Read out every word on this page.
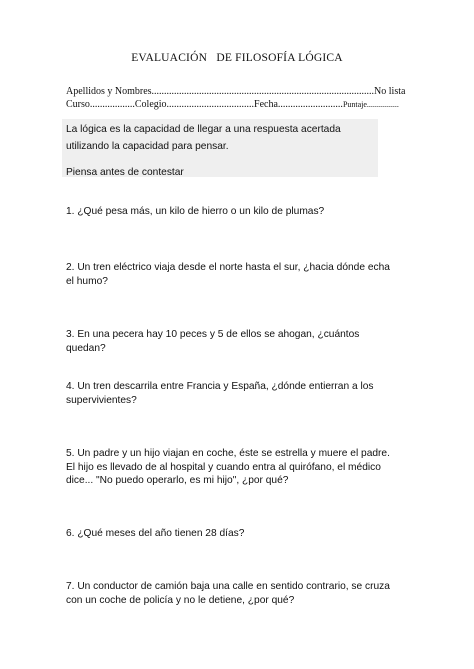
EVALUACIÓN   DE FILOSOFÍA LÓGICA
Apellidos y Nombres.........................................................................................No lista
Curso..................Colegio...................................Fecha..........................Puntaje................

La lógica es la capacidad de llegar a una respuesta acertada utilizando la capacidad para pensar.

Piensa antes de contestar

1. ¿Qué pesa más, un kilo de hierro o un kilo de plumas?

2. Un tren eléctrico viaja desde el norte hasta el sur, ¿hacia dónde echa el humo?

3. En una pecera hay 10 peces y 5 de ellos se ahogan, ¿cuántos quedan?

4. Un tren descarrila entre Francia y España, ¿dónde entierran a los supervivientes?

5. Un padre y un hijo viajan en coche, éste se estrella y muere el padre. El hijo es llevado de al hospital y cuando entra al quirófano, el médico dice... "No puedo operarlo, es mi hijo", ¿por qué?

6. ¿Qué meses del año tienen 28 días?

7. Un conductor de camión baja una calle en sentido contrario, se cruza con un coche de policía y no le detiene, ¿por qué?
